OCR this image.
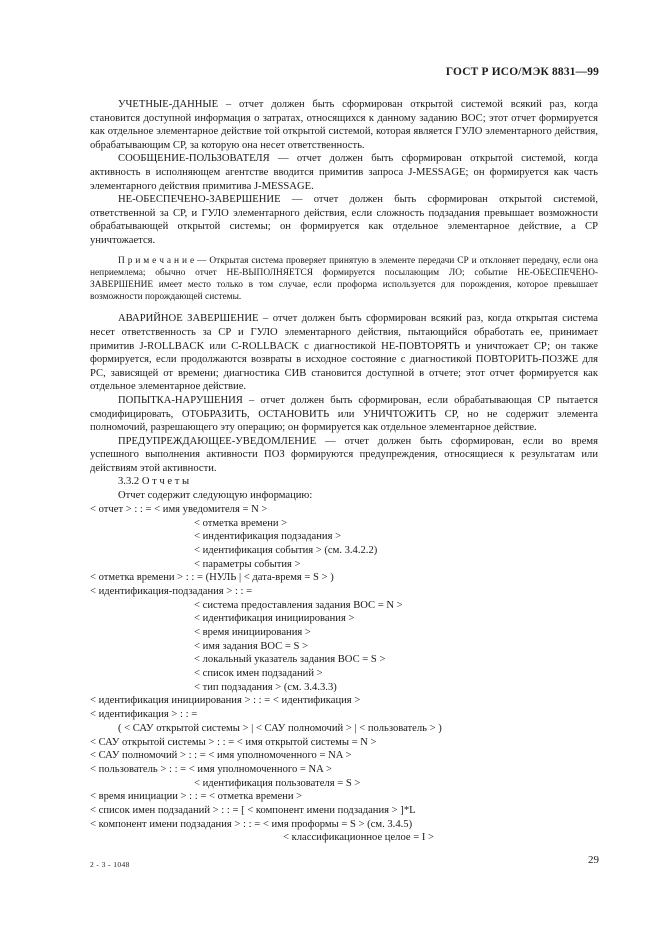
ГОСТ Р ИСО/МЭК 8831—99

УЧЕТНЫЕ-ДАННЫЕ – отчет должен быть сформирован открытой системой всякий раз, когда становится доступной информация о затратах, относящихся к данному заданию ВОС; этот отчет формируется как отдельное элементарное действие той открытой системой, которая является ГУЛО элементарного действия, обрабатывающим СР, за которую она несет ответственность.

СООБЩЕНИЕ-ПОЛЬЗОВАТЕЛЯ — отчет должен быть сформирован открытой системой, когда активность в исполняющем агентстве вводится примитив запроса J-MESSAGE; он формируется как часть элементарного действия примитива J-MESSAGE.

НЕ-ОБЕСПЕЧЕНО-ЗАВЕРШЕНИЕ — отчет должен быть сформирован открытой системой, ответственной за СР, и ГУЛО элементарного действия, если сложность подзадания превышает возможности обрабатывающей открытой системы; он формируется как отдельное элементарное действие, а СР уничтожается.

П р и м е ч а н и е — Открытая система проверяет принятую в элементе передачи СР и отклоняет передачу, если она неприемлема; обычно отчет НЕ-ВЫПОЛНЯЕТСЯ формируется посылающим ЛО; событие НЕ-ОБЕСПЕЧЕНО-ЗАВЕРШЕНИЕ имеет место только в том случае, если проформа используется для порождения, которое превышает возможности порождающей системы.

АВАРИЙНОЕ ЗАВЕРШЕНИЕ – отчет должен быть сформирован всякий раз, когда открытая система несет ответственность за СР и ГУЛО элементарного действия, пытающийся обработать ее, принимает примитив J-ROLLBACK или C-ROLLBACK с диагностикой НЕ-ПОВТОРЯТЬ и уничтожает СР; он также формируется, если продолжаются возвраты в исходное состояние с диагностикой ПОВТОРИТЬ-ПОЗЖЕ для РС, зависящей от времени; диагностика СИВ становится доступной в отчете; этот отчет формируется как отдельное элементарное действие.

ПОПЫТКА-НАРУШЕНИЯ – отчет должен быть сформирован, если обрабатывающая СР пытается смодифицировать, ОТОБРАЗИТЬ, ОСТАНОВИТЬ или УНИЧТОЖИТЬ СР, но не содержит элемента полномочий, разрешающего эту операцию; он формируется как отдельное элементарное действие.

ПРЕДУПРЕЖДАЮЩЕЕ-УВЕДОМЛЕНИЕ — отчет должен быть сформирован, если во время успешного выполнения активности ПОЗ формируются предупреждения, относящиеся к результатам или действиям этой активности.

3.3.2 О т ч е т ы
Отчет содержит следующую информацию:
< отчет > : : = < имя уведомителя = N >
< отметка времени >
< индентификация подзадания >
< идентификация события > (см. 3.4.2.2)
< параметры события >
< отметка времени > : : = (НУЛЬ | < дата-время = S > )
< идентификация-подзадания > : : =
< система предоставления задания ВОС = N >
< идентификация инициирования >
< время инициирования >
< имя задания ВОС = S >
< локальный указатель задания ВОС = S >
< список имен подзаданий >
< тип подзадания > (см. 3.4.3.3)
< идентификация инициирования > : : = < идентификация >
< идентификация > : : =
( < САУ открытой системы > | < САУ полномочий > | < пользователь > )
< САУ открытой системы > : : = < имя открытой системы = N >
< САУ полномочий > : : = < имя уполномоченного = NA >
< пользователь > : : = < имя уполномоченного = NA >
< идентификация пользователя = S >
< время инициации > : : = < отметка времени >
< список имен подзаданий > : : = [ < компонент имени подзадания > ]*L
< компонент имени подзадания > : : = < имя проформы = S > (см. 3.4.5)
< классификационное целое = I >
2 - 3 - 1048	29
